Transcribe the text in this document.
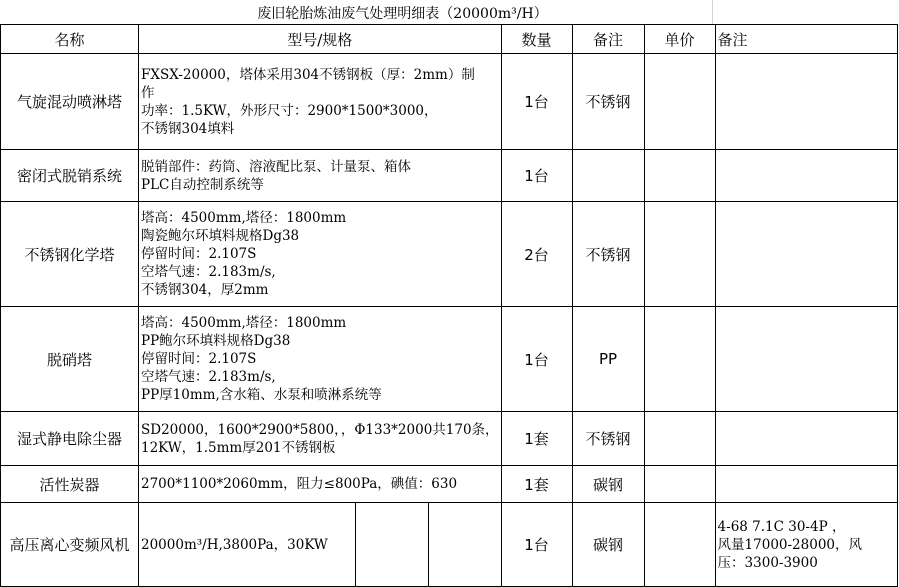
废旧轮胎炼油废气处理明细表（20000m³/H）
名称	型号/规格	数量	备注	单价	备注
气旋混动喷淋塔	FXSX-20000，塔体采用304不锈钢板（厚：2mm）制
作
功率：1.5KW，外形尺寸：2900*1500*3000，
不锈钢304填料	1台	不锈钢		
密闭式脱销系统	脱销部件：药筒、溶液配比泵、计量泵、箱体
PLC自动控制系统等	1台			
不锈钢化学塔	塔高：4500mm,塔径：1800mm
陶瓷鲍尔环填料规格Dg38
停留时间：2.107S
空塔气速：2.183m/s,
不锈钢304，厚2mm	2台	不锈钢		
脱硝塔	塔高：4500mm,塔径：1800mm
PP鲍尔环填料规格Dg38
停留时间：2.107S
空塔气速：2.183m/s,
PP厚10mm,含水箱、水泵和喷淋系统等	1台	PP		
湿式静电除尘器	SD20000，1600*2900*5800，，Φ133*2000共170条，
12KW，1.5mm厚201不锈钢板	1套	不锈钢		
活性炭器	2700*1100*2060mm，阻力≤800Pa，碘值：630	1套	碳钢		
高压离心变频风机	20000m³/H,3800Pa，30KW	1台	碳钢		4-68 7.1C 30-4P ，
风量17000-28000，风
压：3300-3900
